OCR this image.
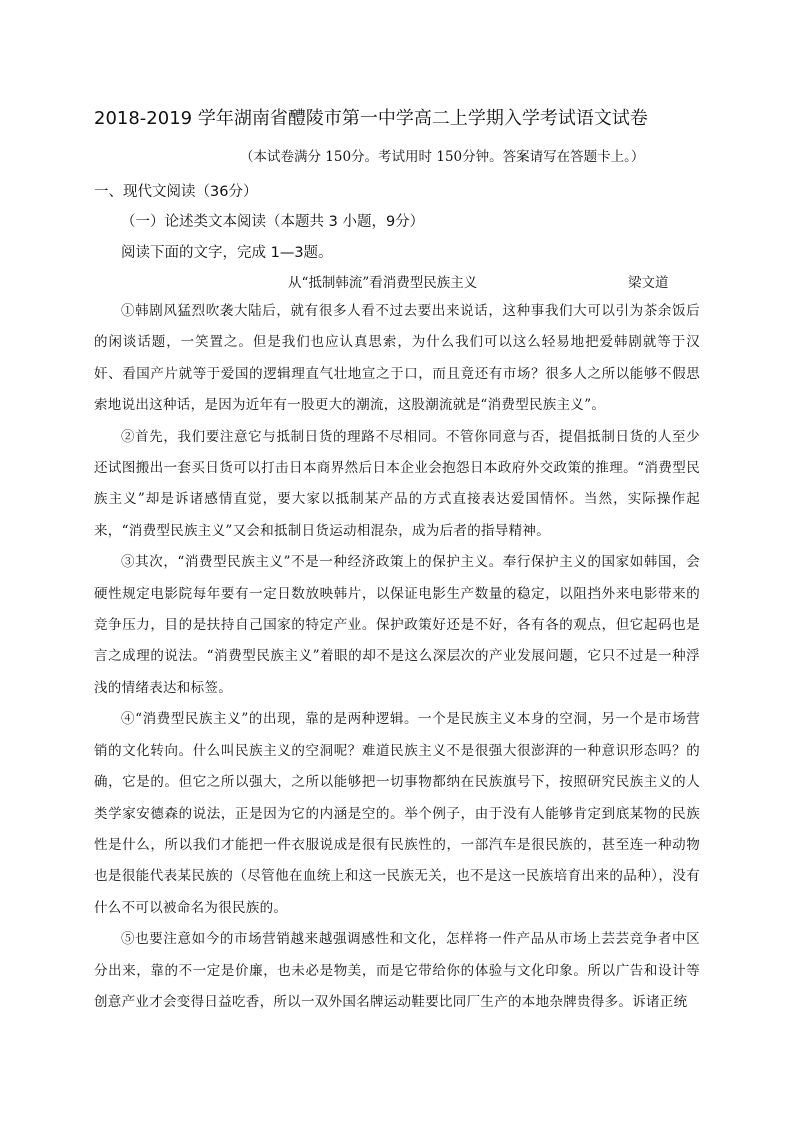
2018-2019 学年湖南省醴陵市第一中学高二上学期入学考试语文试卷
（本试卷满分 150分。考试用时 150分钟。答案请写在答题卡上。）
一、现代文阅读（36分）
（一）论述类文本阅读（本题共 3 小题，9分）
阅读下面的文字，完成 1—3题。
从“抵制韩流”看消费型民族主义	梁文道

①韩剧风猛烈吹袭大陆后，就有很多人看不过去要出来说话，这种事我们大可以引为茶余饭后的闲谈话题，一笑置之。但是我们也应认真思索，为什么我们可以这么轻易地把爱韩剧就等于汉奸、看国产片就等于爱国的逻辑理直气壮地宣之于口，而且竟还有市场？很多人之所以能够不假思索地说出这种话，是因为近年有一股更大的潮流，这股潮流就是“消费型民族主义”。

②首先，我们要注意它与抵制日货的理路不尽相同。不管你同意与否，提倡抵制日货的人至少还试图搬出一套买日货可以打击日本商界然后日本企业会抱怨日本政府外交政策的推理。“消费型民族主义”却是诉诸感情直觉，要大家以抵制某产品的方式直接表达爱国情怀。当然，实际操作起来，“消费型民族主义”又会和抵制日货运动相混杂，成为后者的指导精神。

③其次，“消费型民族主义”不是一种经济政策上的保护主义。奉行保护主义的国家如韩国，会硬性规定电影院每年要有一定日数放映韩片，以保证电影生产数量的稳定，以阻挡外来电影带来的竞争压力，目的是扶持自己国家的特定产业。保护政策好还是不好，各有各的观点，但它起码也是言之成理的说法。“消费型民族主义”着眼的却不是这么深层次的产业发展问题，它只不过是一种浮浅的情绪表达和标签。

④“消费型民族主义”的出现，靠的是两种逻辑。一个是民族主义本身的空洞，另一个是市场营销的文化转向。什么叫民族主义的空洞呢？难道民族主义不是很强大很澎湃的一种意识形态吗？的确，它是的。但它之所以强大，之所以能够把一切事物都纳在民族旗号下，按照研究民族主义的人类学家安德森的说法，正是因为它的内涵是空的。举个例子，由于没有人能够肯定到底某物的民族性是什么，所以我们才能把一件衣服说成是很有民族性的，一部汽车是很民族的，甚至连一种动物也是很能代表某民族的（尽管他在血统上和这一民族无关，也不是这一民族培育出来的品种），没有什么不可以被命名为很民族的。

⑤也要注意如今的市场营销越来越强调感性和文化，怎样将一件产品从市场上芸芸竞争者中区分出来，靠的不一定是价廉，也未必是物美，而是它带给你的体验与文化印象。所以广告和设计等创意产业才会变得日益吃香，所以一双外国名牌运动鞋要比同厂生产的本地杂牌贵得多。诉诸正统
